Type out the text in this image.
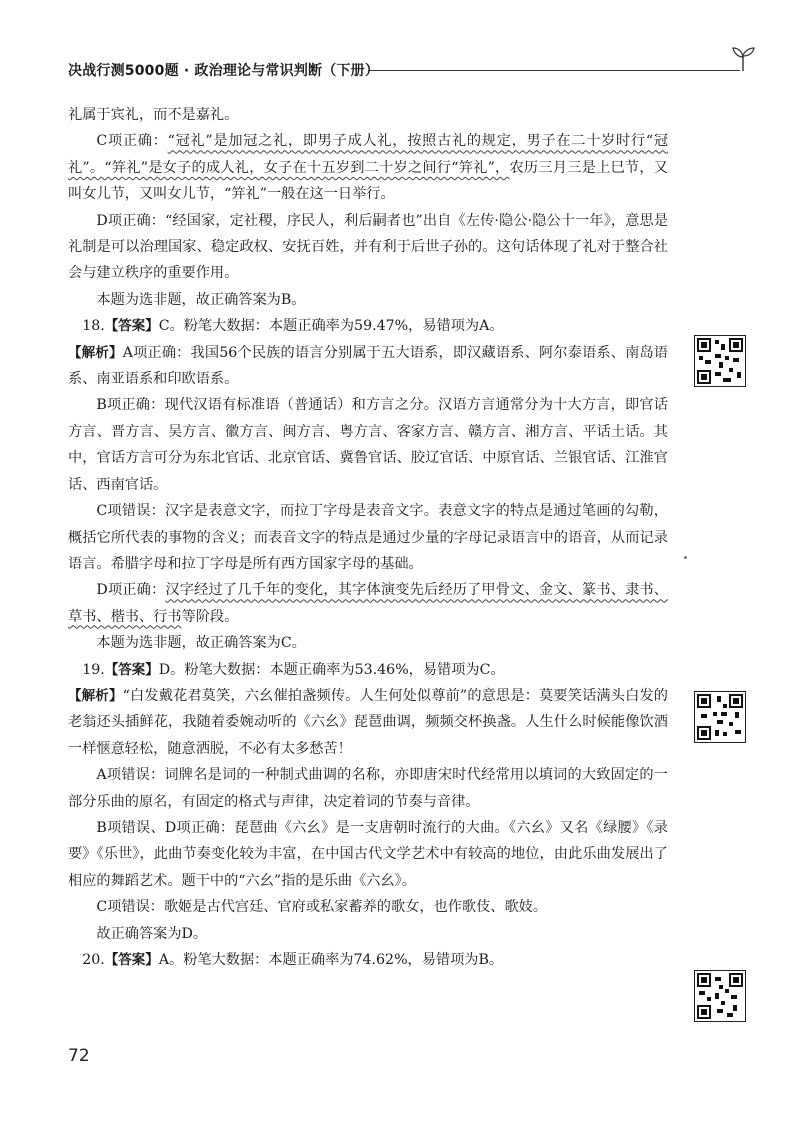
决战行测5000题 · 政治理论与常识判断（下册）

礼属于宾礼，而不是嘉礼。

C项正确：“冠礼”是加冠之礼，即男子成人礼，按照古礼的规定，男子在二十岁时行“冠礼”。“笄礼”是女子的成人礼，女子在十五岁到二十岁之间行“笄礼”，农历三月三是上巳节，又叫女儿节，又叫女儿节，“笄礼”一般在这一日举行。

D项正确：“经国家，定社稷，序民人，利后嗣者也”出自《左传·隐公·隐公十一年》，意思是礼制是可以治理国家、稳定政权、安抚百姓，并有利于后世子孙的。这句话体现了礼对于整合社会与建立秩序的重要作用。

本题为选非题，故正确答案为B。

18.【答案】C。粉笔大数据：本题正确率为59.47%，易错项为A。

【解析】A项正确：我国56个民族的语言分别属于五大语系，即汉藏语系、阿尔泰语系、南岛语系、南亚语系和印欧语系。

B项正确：现代汉语有标准语（普通话）和方言之分。汉语方言通常分为十大方言，即官话方言、晋方言、吴方言、徽方言、闽方言、粤方言、客家方言、赣方言、湘方言、平话土话。其中，官话方言可分为东北官话、北京官话、冀鲁官话、胶辽官话、中原官话、兰银官话、江淮官话、西南官话。

C项错误：汉字是表意文字，而拉丁字母是表音文字。表意文字的特点是通过笔画的勾勒，概括它所代表的事物的含义；而表音文字的特点是通过少量的字母记录语言中的语音，从而记录语言。希腊字母和拉丁字母是所有西方国家字母的基础。

D项正确：汉字经过了几千年的变化，其字体演变先后经历了甲骨文、金文、篆书、隶书、草书、楷书、行书等阶段。

本题为选非题，故正确答案为C。

19.【答案】D。粉笔大数据：本题正确率为53.46%，易错项为C。

【解析】“白发戴花君莫笑，六幺催拍盏频传。人生何处似尊前”的意思是：莫要笑话满头白发的老翁还头插鲜花，我随着委婉动听的《六幺》琵琶曲调，频频交杯换盏。人生什么时候能像饮酒一样惬意轻松，随意洒脱，不必有太多愁苦！

A项错误：词牌名是词的一种制式曲调的名称，亦即唐宋时代经常用以填词的大致固定的一部分乐曲的原名，有固定的格式与声律，决定着词的节奏与音律。

B项错误、D项正确：琵琶曲《六幺》是一支唐朝时流行的大曲。《六幺》又名《绿腰》《录要》《乐世》，此曲节奏变化较为丰富，在中国古代文学艺术中有较高的地位，由此乐曲发展出了相应的舞蹈艺术。题干中的“六幺”指的是乐曲《六幺》。

C项错误：歌姬是古代宫廷、官府或私家蓄养的歌女，也作歌伎、歌妓。

故正确答案为D。

20.【答案】A。粉笔大数据：本题正确率为74.62%，易错项为B。

72
